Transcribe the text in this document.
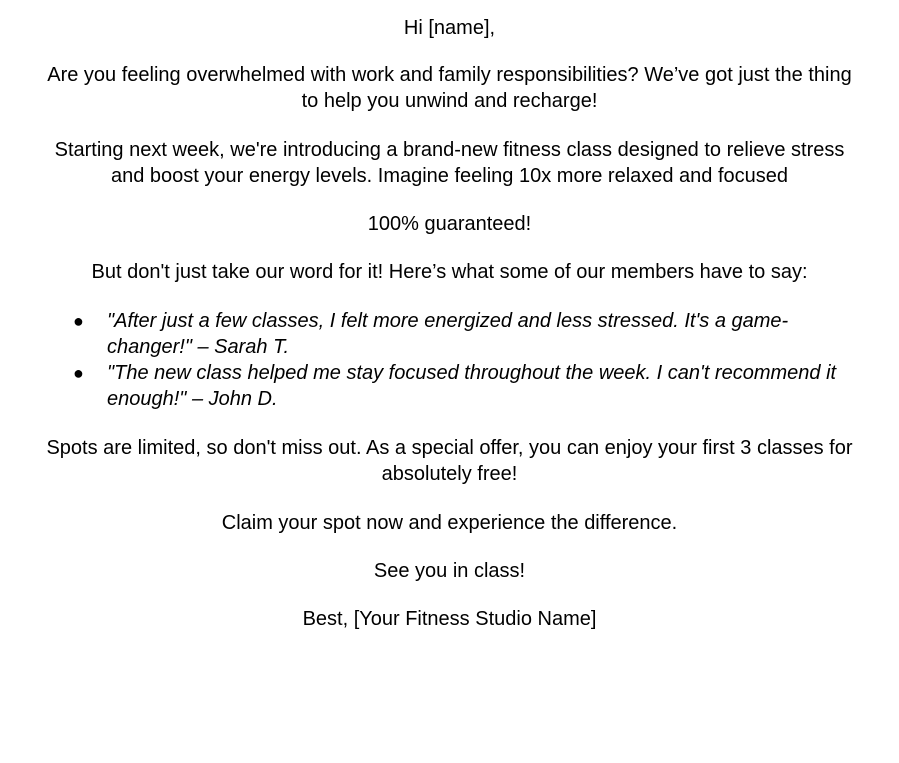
Hi [name],

Are you feeling overwhelmed with work and family responsibilities? We’ve got just the thing to help you unwind and recharge!

Starting next week, we're introducing a brand-new fitness class designed to relieve stress and boost your energy levels. Imagine feeling 10x more relaxed and focused

100% guaranteed!

But don't just take our word for it! Here’s what some of our members have to say:

● "After just a few classes, I felt more energized and less stressed. It's a game-changer!" – Sarah T.
● "The new class helped me stay focused throughout the week. I can't recommend it enough!" – John D.

Spots are limited, so don't miss out. As a special offer, you can enjoy your first 3 classes for absolutely free!

Claim your spot now and experience the difference.

See you in class!

Best, [Your Fitness Studio Name]
